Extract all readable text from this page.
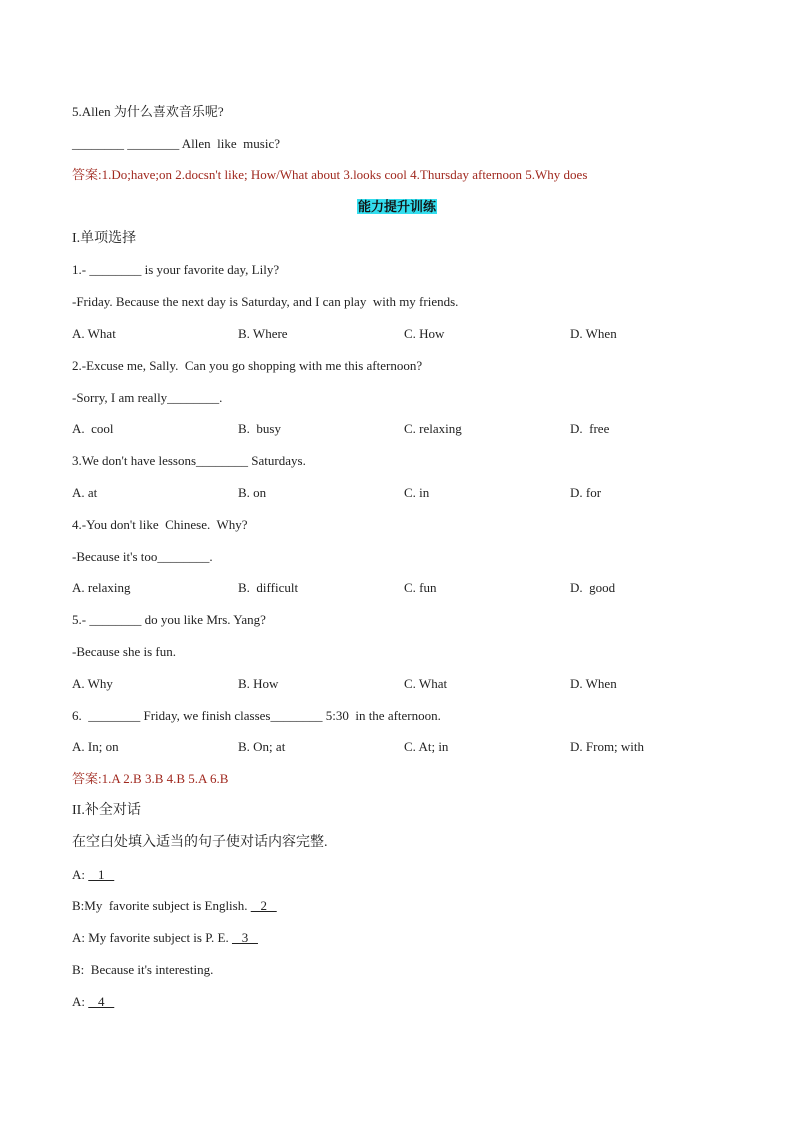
5.Allen 为什么喜欢音乐呢?
________ ________ Allen  like  music?
答案:1.Do;have;on 2.docsn't like; How/What about 3.looks cool 4.Thursday afternoon 5.Why does
能力提升训练
I.单项选择
1.- ________ is your favorite day, Lily?
-Friday. Because the next day is Saturday, and I can play  with my friends.
A. What	B. Where	C. How	D. When
2.-Excuse me, Sally.  Can you go shopping with me this afternoon?
-Sorry, I am really________.
A.  cool	B.  busy	C. relaxing	D.  free
3.We don't have lessons________ Saturdays.
A. at	B. on	C. in	D. for
4.-You don't like  Chinese.  Why?
-Because it's too________.
A. relaxing	B.  difficult	C. fun	D.  good
5.- ________ do you like Mrs. Yang?
-Because she is fun.
A. Why	B. How	C. What	D. When
6.  ________ Friday, we finish classes________ 5:30  in the afternoon.
A. In; on	B. On; at	C. At; in	D. From; with
答案:1.A 2.B 3.B 4.B 5.A 6.B
II.补全对话
在空白处填入适当的句子使对话内容完整.
A:    1
B:My  favorite subject is English.    2
A: My favorite subject is P. E.    3
B:  Because it's interesting.
A:    4
